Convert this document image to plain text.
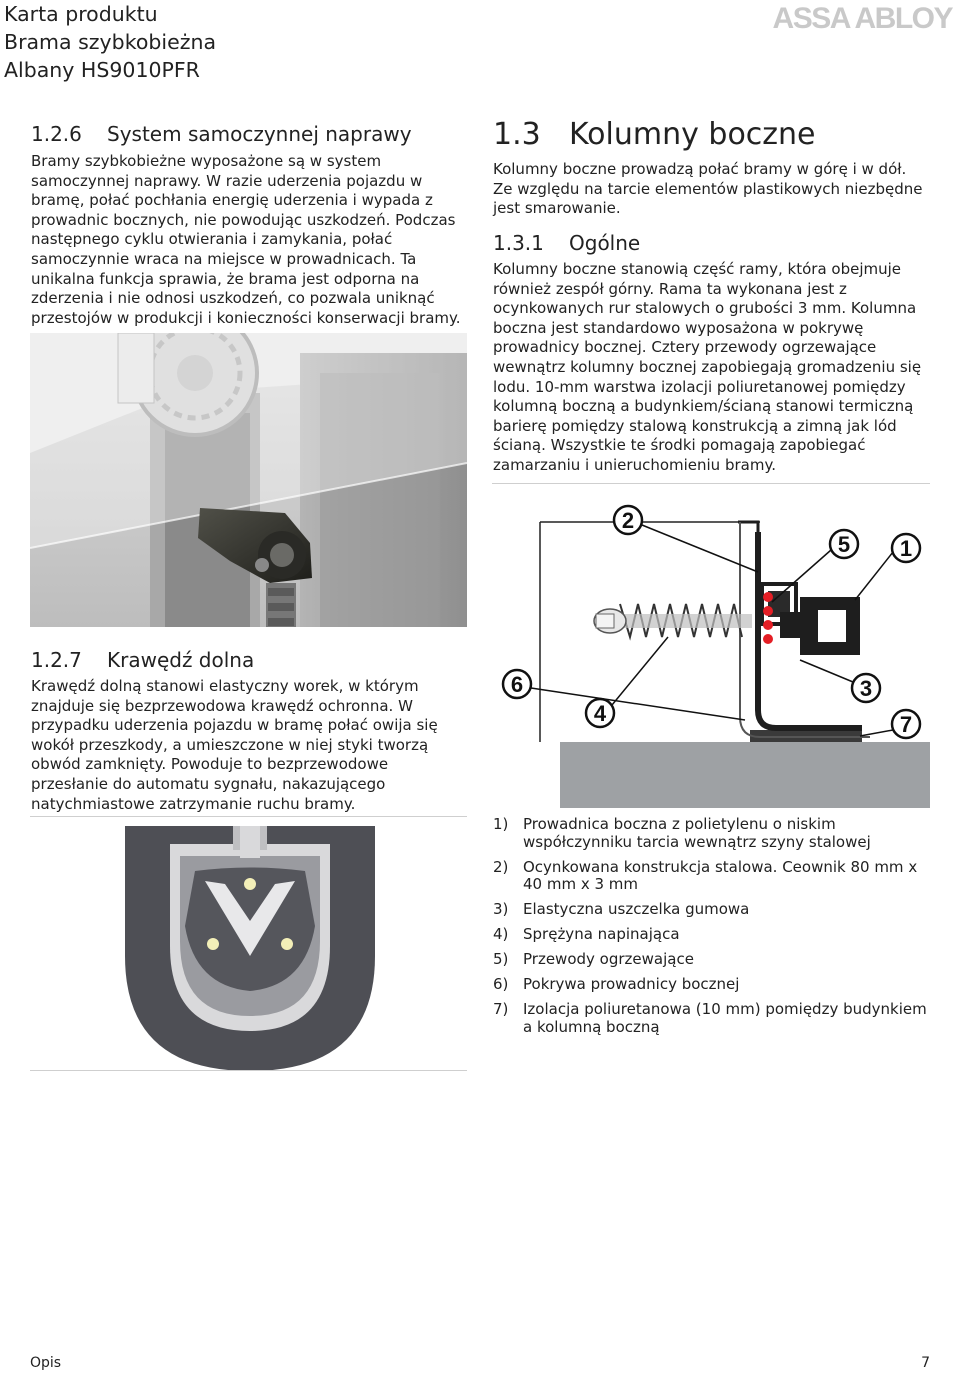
Karta produktu
Brama szybkobieżna
Albany HS9010PFR
ASSA ABLOY
1.2.6 System samoczynnej naprawy
Bramy szybkobieżne wyposażone są w system samoczynnej naprawy. W razie uderzenia pojazdu w bramę, połać pochłania energię uderzenia i wypada z prowadnic bocznych, nie powodując uszkodzeń. Podczas następnego cyklu otwierania i zamykania, połać samoczynnie wraca na miejsce w prowadnicach. Ta unikalna funkcja sprawia, że brama jest odporna na zderzenia i nie odnosi uszkodzeń, co pozwala uniknąć przestojów w produkcji i konieczności konserwacji bramy.
1.2.7 Krawędź dolna
Krawędź dolną stanowi elastyczny worek, w którym znajduje się bezprzewodowa krawędź ochronna. W przypadku uderzenia pojazdu w bramę połać owija się wokół przeszkody, a umieszczone w niej styki tworzą obwód zamknięty. Powoduje to bezprzewodowe przesłanie do automatu sygnału, nakazującego natychmiastowe zatrzymanie ruchu bramy.
1.3 Kolumny boczne
Kolumny boczne prowadzą połać bramy w górę i w dół. Ze względu na tarcie elementów plastikowych niezbędne jest smarowanie.
1.3.1 Ogólne
Kolumny boczne stanowią część ramy, która obejmuje również zespół górny. Rama ta wykonana jest z ocynkowanych rur stalowych o grubości 3 mm. Kolumna boczna jest standardowo wyposażona w pokrywę prowadnicy bocznej. Cztery przewody ogrzewające wewnątrz kolumny bocznej zapobiegają gromadzeniu się lodu. 10-mm warstwa izolacji poliuretanowej pomiędzy kolumną boczną a budynkiem/ścianą stanowi termiczną barierę pomiędzy stalową konstrukcją a zimną jak lód ścianą. Wszystkie te środki pomagają zapobiegać zamarzaniu i unieruchomieniu bramy.
2
5 1
6
4
3
7
1) Prowadnica boczna z polietylenu o niskim współczynniku tarcia wewnątrz szyny stalowej
2) Ocynkowana konstrukcja stalowa. Ceownik 80 mm x 40 mm x 3 mm
3) Elastyczna uszczelka gumowa
4) Sprężyna napinająca
5) Przewody ogrzewające
6) Pokrywa prowadnicy bocznej
7) Izolacja poliuretanowa (10 mm) pomiędzy budynkiem a kolumną boczną
Opis	7
